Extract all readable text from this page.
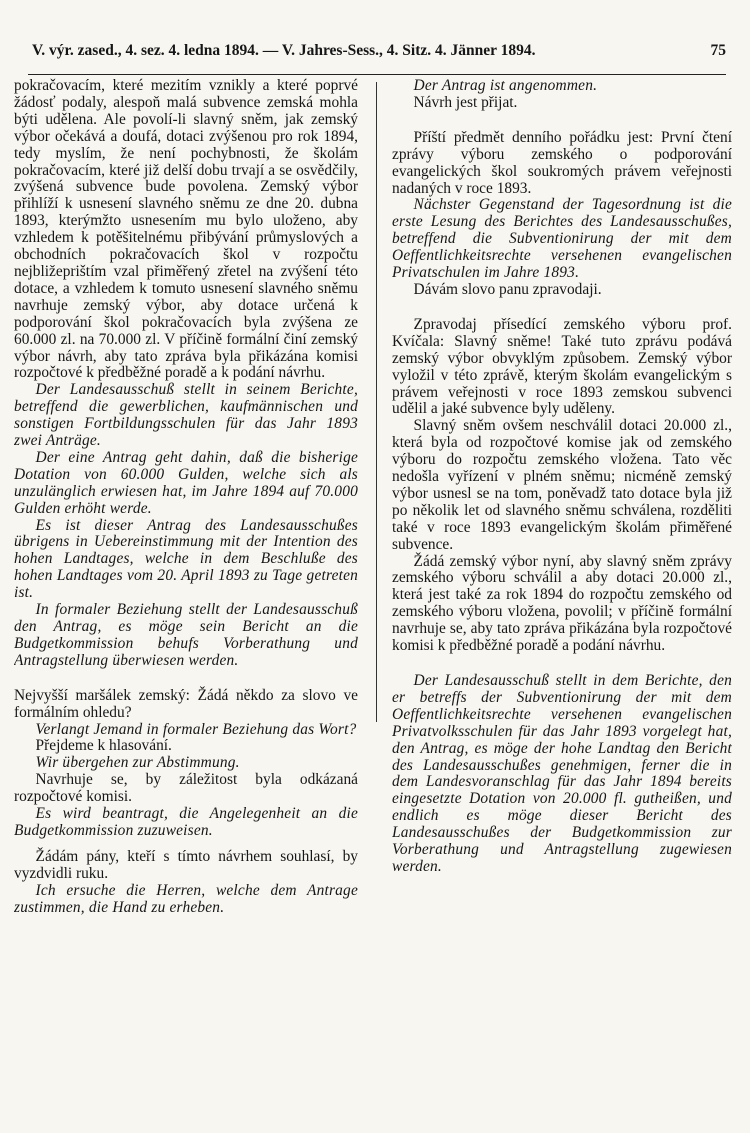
V. výr. zased., 4. sez. 4. ledna 1894. — V. Jahres-Sess., 4. Sitz. 4. Jänner 1894.	75

pokračovacím, které mezitím vznikly a které poprvé žádosť podaly, alespoň malá subvence zemská mohla býti udělena. Ale povolí-li slavný sněm, jak zemský výbor očekává a doufá, dotaci zvýšenou pro rok 1894, tedy myslím, že není pochybnosti, že školám pokračovacím, které již delší dobu trvají a se osvědčily, zvýšená subvence bude povolena. Zemský výbor přihlíží k usnesení slavného sněmu ze dne 20. dubna 1893, kterýmžto usnesením mu bylo uloženo, aby vzhledem k potěšitelnému přibývání průmyslových a obchodních pokračovacích škol v rozpočtu nejbližeprištím vzal přiměřený zřetel na zvýšení této dotace, a vzhledem k tomuto usnesení slavného sněmu navrhuje zemský výbor, aby dotace určená k podporování škol pokračovacích byla zvýšena ze 60.000 zl. na 70.000 zl. V příčině formální činí zemský výbor návrh, aby tato zpráva byla přikázána komisi rozpočtové k předběžné poradě a k podání návrhu.

Der Landesausschuß stellt in seinem Berichte, betreffend die gewerblichen, kaufmännischen und sonstigen Fortbildungsschulen für das Jahr 1893 zwei Anträge.

Der eine Antrag geht dahin, daß die bisherige Dotation von 60.000 Gulden, welche sich als unzulänglich erwiesen hat, im Jahre 1894 auf 70.000 Gulden erhöht werde.

Es ist dieser Antrag des Landesausschußes übrigens in Uebereinstimmung mit der Intention des hohen Landtages, welche in dem Beschluße des hohen Landtages vom 20. April 1893 zu Tage getreten ist.

In formaler Beziehung stellt der Landesausschuß den Antrag, es möge sein Bericht an die Budgetkommission behufs Vorberathung und Antragstellung überwiesen werden.

Nejvyšší maršálek zemský: Žádá někdo za slovo ve formálním ohledu?

Verlangt Jemand in formaler Beziehung das Wort?

Přejdeme k hlasování.

Wir übergehen zur Abstimmung.

Navrhuje se, by záležitost byla odkázaná rozpočtové komisi.

Es wird beantragt, die Angelegenheit an die Budgetkommission zuzuweisen.

Žádám pány, kteří s tímto návrhem souhlasí, by vyzdvidli ruku.

Ich ersuche die Herren, welche dem Antrage zustimmen, die Hand zu erheben.

Der Antrag ist angenommen.

Návrh jest přijat.

Příští předmět denního pořádku jest: První čtení zprávy výboru zemského o podporování evangelických škol soukromých právem veřejnosti nadaných v roce 1893.

Nächster Gegenstand der Tagesordnung ist die erste Lesung des Berichtes des Landesausschußes, betreffend die Subventionirung der mit dem Oeffentlichkeitsrechte versehenen evangelischen Privatschulen im Jahre 1893.

Dávám slovo panu zpravodaji.

Zpravodaj přísedící zemského výboru prof. Kvíčala: Slavný sněme! Také tuto zprávu podává zemský výbor obvyklým způsobem. Zemský výbor vyložil v této zprávě, kterým školám evangelickým s právem veřejnosti v roce 1893 zemskou subvenci udělil a jaké subvence byly uděleny.

Slavný sněm ovšem neschválil dotaci 20.000 zl., která byla od rozpočtové komise jak od zemského výboru do rozpočtu zemského vložena. Tato věc nedošla vyřízení v plném sněmu; nicméně zemský výbor usnesl se na tom, poněvadž tato dotace byla již po několik let od slavného sněmu schválena, rozděliti také v roce 1893 evangelickým školám přiměřené subvence.

Žádá zemský výbor nyní, aby slavný sněm zprávy zemského výboru schválil a aby dotaci 20.000 zl., která jest také za rok 1894 do rozpočtu zemského od zemského výboru vložena, povolil; v příčině formální navrhuje se, aby tato zpráva přikázána byla rozpočtové komisi k předběžné poradě a podání návrhu.

Der Landesausschuß stellt in dem Berichte, den er betreffs der Subventionirung der mit dem Oeffentlichkeitsrechte versehenen evangelischen Privatvolksschulen für das Jahr 1893 vorgelegt hat, den Antrag, es möge der hohe Landtag den Bericht des Landesausschußes genehmigen, ferner die in dem Landesvoranschlag für das Jahr 1894 bereits eingesetzte Dotation von 20.000 fl. gutheißen, und endlich es möge dieser Bericht des Landesausschußes der Budgetkommission zur Vorberathung und Antragstellung zugewiesen werden.
